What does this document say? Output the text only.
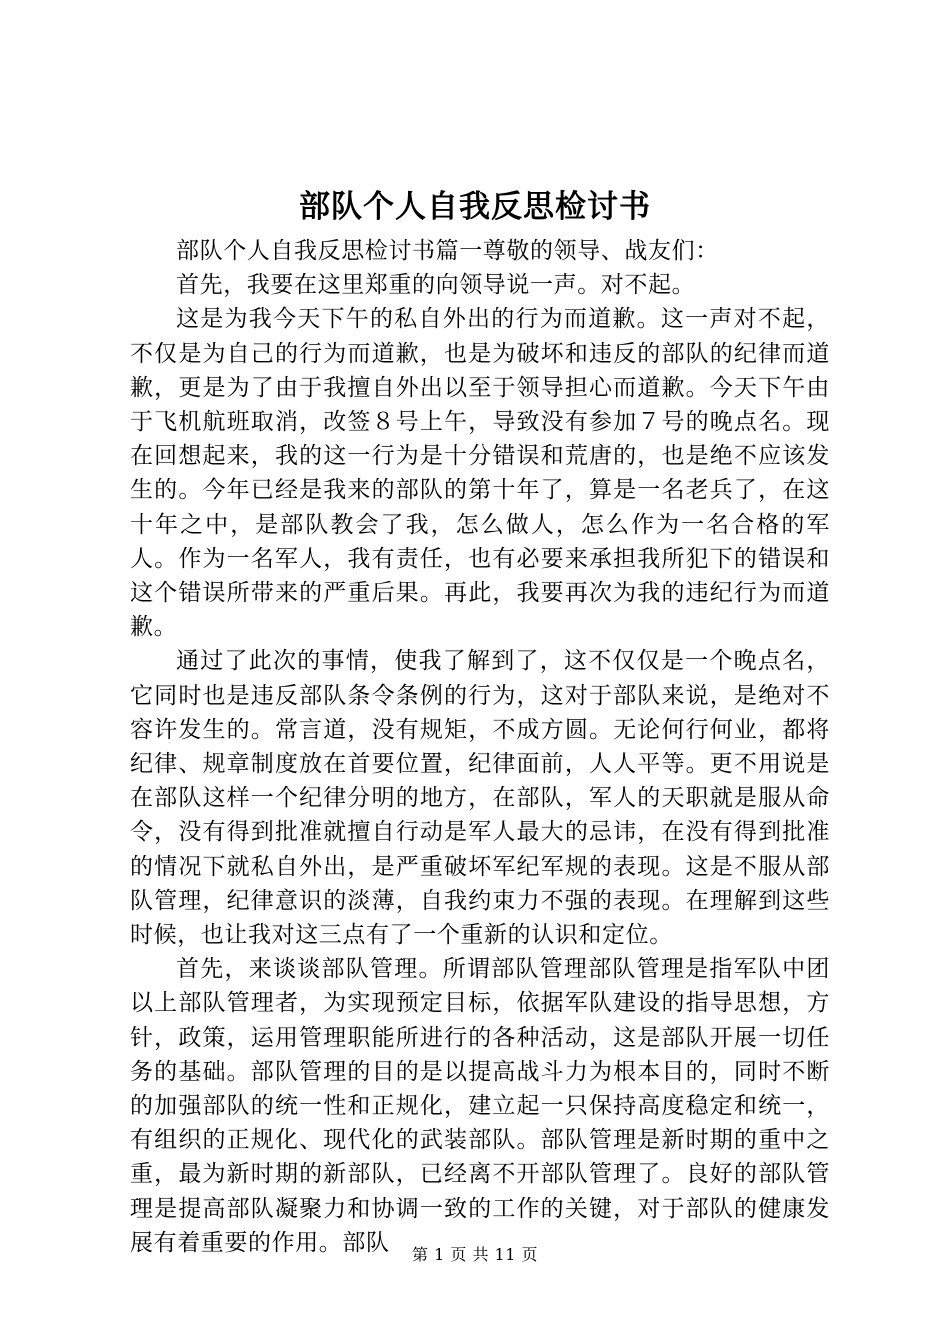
部队个人自我反思检讨书

部队个人自我反思检讨书篇一尊敬的领导、战友们：

首先，我要在这里郑重的向领导说一声。对不起。

这是为我今天下午的私自外出的行为而道歉。这一声对不起，不仅是为自己的行为而道歉，也是为破坏和违反的部队的纪律而道歉，更是为了由于我擅自外出以至于领导担心而道歉。今天下午由于飞机航班取消，改签８号上午，导致没有参加７号的晚点名。现在回想起来，我的这一行为是十分错误和荒唐的，也是绝不应该发生的。今年已经是我来的部队的第十年了，算是一名老兵了，在这十年之中，是部队教会了我，怎么做人，怎么作为一名合格的军人。作为一名军人，我有责任，也有必要来承担我所犯下的错误和这个错误所带来的严重后果。再此，我要再次为我的违纪行为而道歉。

通过了此次的事情，使我了解到了，这不仅仅是一个晚点名，它同时也是违反部队条令条例的行为，这对于部队来说，是绝对不容许发生的。常言道，没有规矩，不成方圆。无论何行何业，都将纪律、规章制度放在首要位置，纪律面前，人人平等。更不用说是在部队这样一个纪律分明的地方，在部队，军人的天职就是服从命令，没有得到批准就擅自行动是军人最大的忌讳，在没有得到批准的情况下就私自外出，是严重破坏军纪军规的表现。这是不服从部队管理，纪律意识的淡薄，自我约束力不强的表现。在理解到这些时候，也让我对这三点有了一个重新的认识和定位。

首先，来谈谈部队管理。所谓部队管理部队管理是指军队中团以上部队管理者，为实现预定目标，依据军队建设的指导思想，方针，政策，运用管理职能所进行的各种活动，这是部队开展一切任务的基础。部队管理的目的是以提高战斗力为根本目的，同时不断的加强部队的统一性和正规化，建立起一只保持高度稳定和统一，有组织的正规化、现代化的武装部队。部队管理是新时期的重中之重，最为新时期的新部队，已经离不开部队管理了。良好的部队管理是提高部队凝聚力和协调一致的工作的关键，对于部队的健康发展有着重要的作用。部队	第 1 页 共 11 页
